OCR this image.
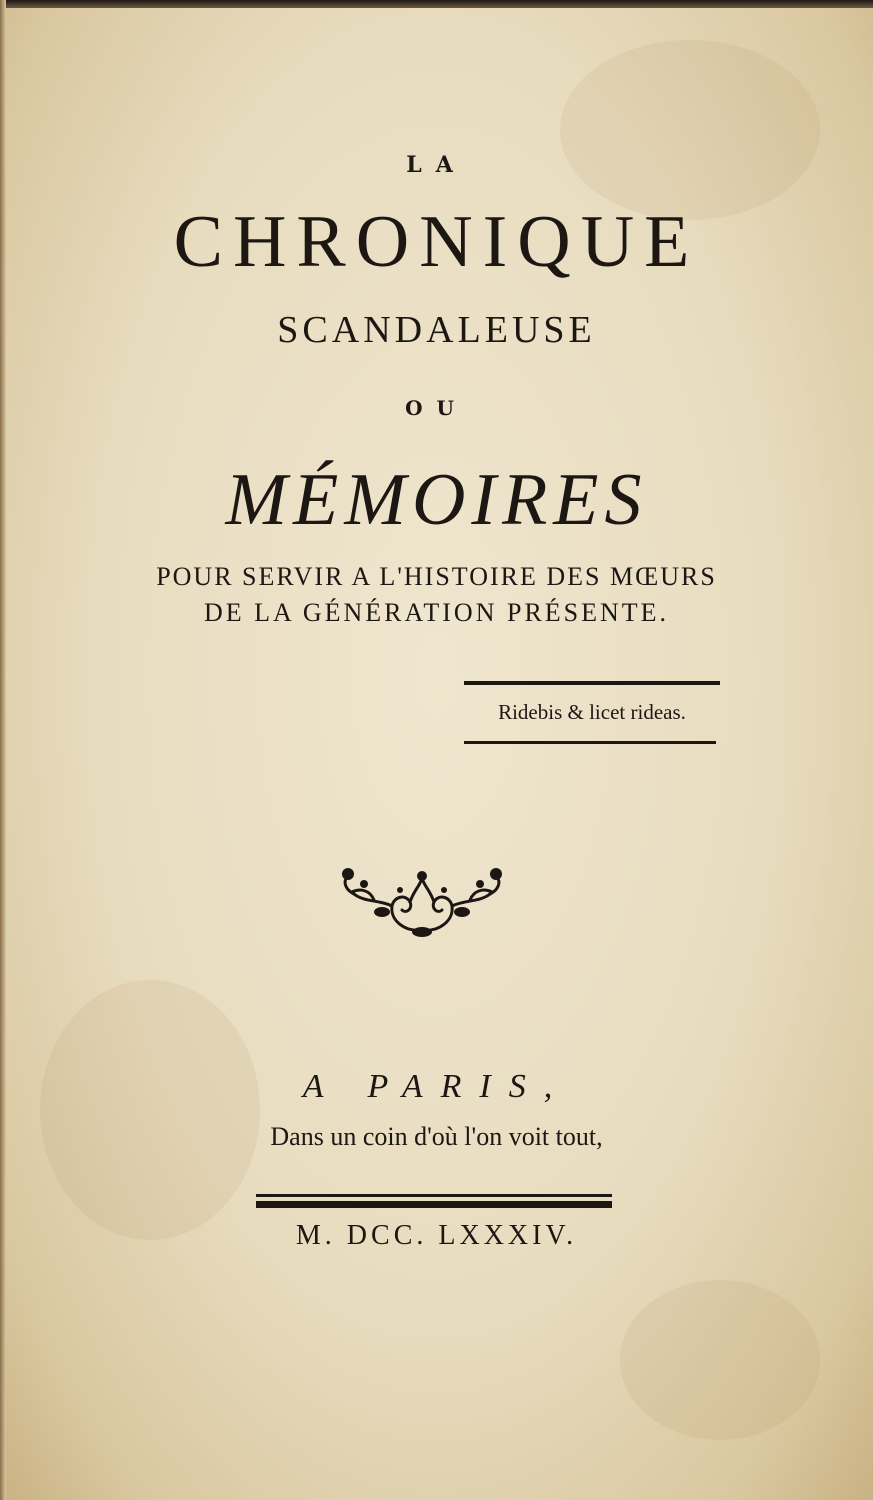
LA
CHRONIQUE
SCANDALEUSE
OU
MÉMOIRES
POUR SERVIR A L'HISTOIRE DES MŒURS
DE LA GÉNÉRATION PRÉSENTE.
Ridebis & licet rideas.
A PARIS,
Dans un coin d'où l'on voit tout,
M. DCC. LXXXIV.
